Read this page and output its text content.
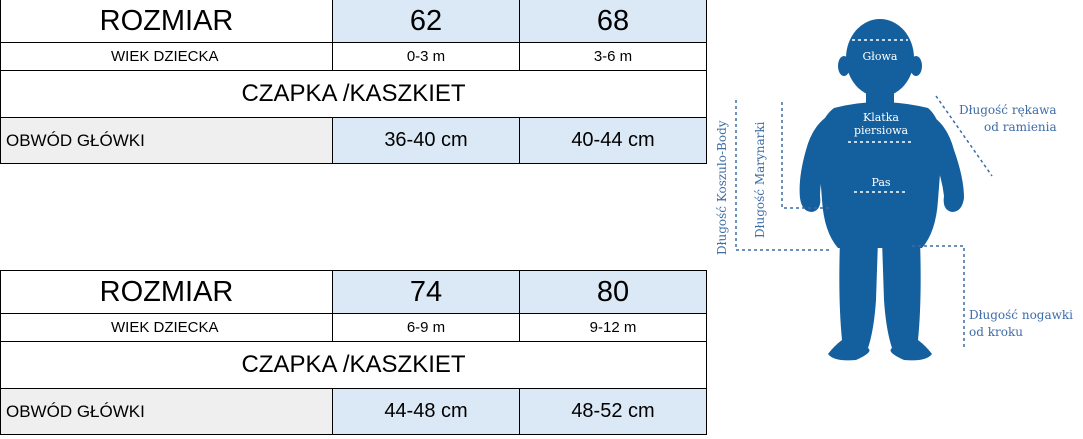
ROZMIAR	62	68
WIEK DZIECKA	0-3 m	3-6 m
CZAPKA /KASZKIET		
OBWÓD GŁÓWKI	36-40 cm	40-44 cm
ROZMIAR	74	80
WIEK DZIECKA	6-9 m	9-12 m
CZAPKA /KASZKIET		
OBWÓD GŁÓWKI	44-48 cm	48-52 cm
Głowa
Klatka
piersiowa
Pas
Długość rękawa
od ramienia
Długość nogawki
od kroku
Długość Koszulo-Body Długość Marynarki
